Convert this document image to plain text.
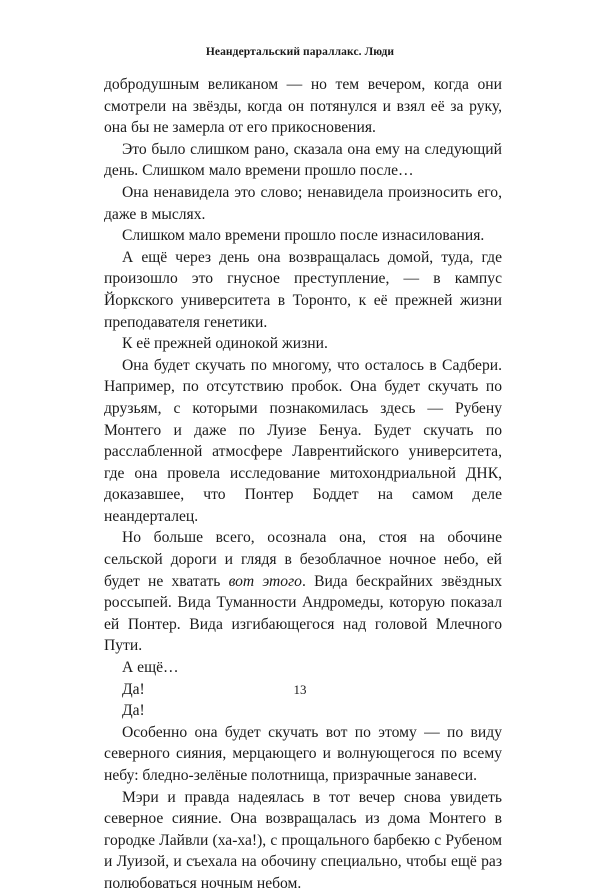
Неандертальский параллакс. Люди

добродушным великаном — но тем вечером, когда они смотрели на звёзды, когда он потянулся и взял её за руку, она бы не замерла от его прикосновения.

Это было слишком рано, сказала она ему на следующий день. Слишком мало времени прошло после…

Она ненавидела это слово; ненавидела произносить его, даже в мыслях.

Слишком мало времени прошло после изнасилования.

А ещё через день она возвращалась домой, туда, где произошло это гнусное преступление, — в кампус Йоркского университета в Торонто, к её прежней жизни преподавателя генетики.

К её прежней одинокой жизни.

Она будет скучать по многому, что осталось в Садбери. Например, по отсутствию пробок. Она будет скучать по друзьям, с которыми познакомилась здесь — Рубену Монтего и даже по Луизе Бенуа. Будет скучать по расслабленной атмосфере Лаврентийского университета, где она провела исследование митохондриальной ДНК, доказавшее, что Понтер Боддет на самом деле неандерталец.

Но больше всего, осознала она, стоя на обочине сельской дороги и глядя в безоблачное ночное небо, ей будет не хватать вот этого. Вида бескрайних звёздных россыпей. Вида Туманности Андромеды, которую показал ей Понтер. Вида изгибающегося над головой Млечного Пути.

А ещё…

Да!

Да!

Особенно она будет скучать вот по этому — по виду северного сияния, мерцающего и волнующегося по всему небу: бледно-зелёные полотнища, призрачные занавеси.

Мэри и правда надеялась в тот вечер снова увидеть северное сияние. Она возвращалась из дома Монтего в городке Лайвли (ха-ха!), с прощального барбекю с Рубеном и Луизой, и съехала на обочину специально, чтобы ещё раз полюбоваться ночным небом.

13
